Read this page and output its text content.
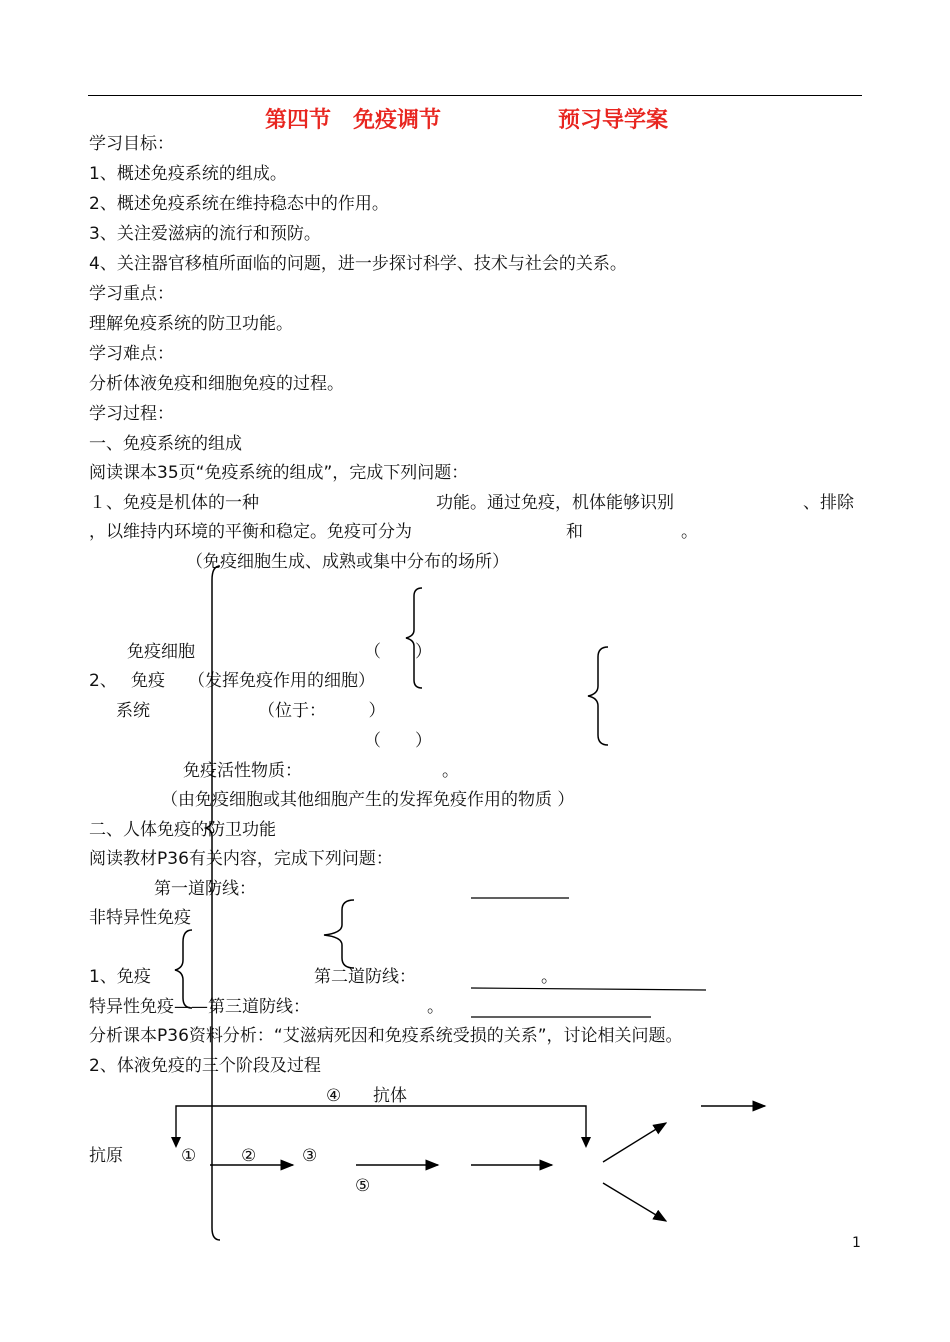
第四节　免疫调节	预习导学案
学习目标：
1、概述免疫系统的组成。
2、概述免疫系统在维持稳态中的作用。
3、关注爱滋病的流行和预防。
4、关注器官移植所面临的问题，进一步探讨科学、技术与社会的关系。
学习重点：
理解免疫系统的防卫功能。
学习难点：
分析体液免疫和细胞免疫的过程。
学习过程：
一、免疫系统的组成
阅读课本35页“免疫系统的组成”，完成下列问题：
１、免疫是机体的一种	功能。通过免疫，机体能够识别	、排除
，以维持内环境的平衡和稳定。免疫可分为	和	。
（免疫细胞生成、成熟或集中分布的场所）
免疫细胞	（　　）
2、 免疫 （发挥免疫作用的细胞）
系统	（位于：　　　）
（　　）
免疫活性物质：	。
（由免疫细胞或其他细胞产生的发挥免疫作用的物质 ）
二、人体免疫的防卫功能
阅读教材P36有关内容，完成下列问题：
第一道防线：
非特异性免疫
1、免疫	第二道防线：	。
特异性免疫——第三道防线：	。
分析课本P36资料分析：“艾滋病死因和免疫系统受损的关系”，讨论相关问题。
2、体液免疫的三个阶段及过程
抗原
抗体
④
①	②	③
⑤
1
